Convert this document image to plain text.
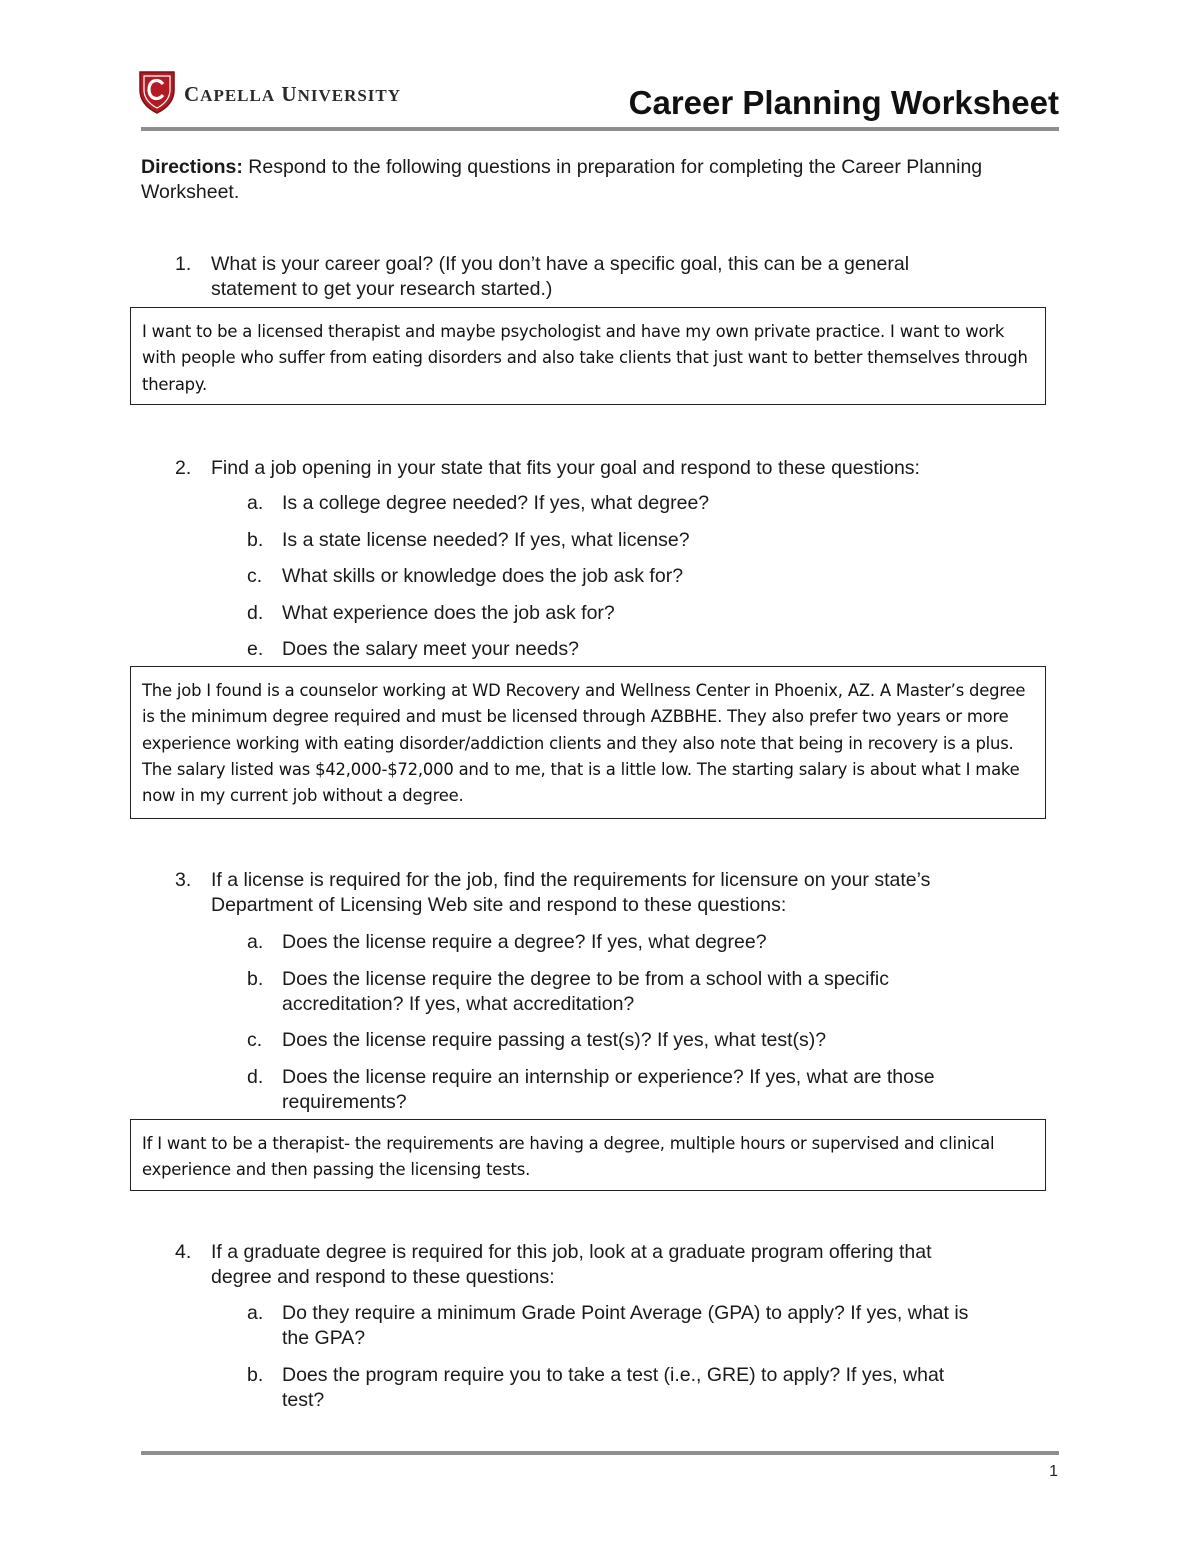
CAPELLA UNIVERSITY	Career Planning Worksheet
Directions: Respond to the following questions in preparation for completing the Career Planning Worksheet.
1.	What is your career goal? (If you don’t have a specific goal, this can be a general
statement to get your research started.)
I want to be a licensed therapist and maybe psychologist and have my own private practice. I want to work with people who suffer from eating disorders and also take clients that just want to better themselves through therapy.
2.	Find a job opening in your state that fits your goal and respond to these questions:
a. Is a college degree needed? If yes, what degree?
b. Is a state license needed? If yes, what license?
c. What skills or knowledge does the job ask for?
d. What experience does the job ask for?
e. Does the salary meet your needs?
The job I found is a counselor working at WD Recovery and Wellness Center in Phoenix, AZ. A Master’s degree is the minimum degree required and must be licensed through AZBBHE. They also prefer two years or more experience working with eating disorder/addiction clients and they also note that being in recovery is a plus. The salary listed was $42,000-$72,000 and to me, that is a little low. The starting salary is about what I make now in my current job without a degree.
3.	If a license is required for the job, find the requirements for licensure on your state’s
Department of Licensing Web site and respond to these questions:
a. Does the license require a degree? If yes, what degree?
b. Does the license require the degree to be from a school with a specific
accreditation? If yes, what accreditation?
c. Does the license require passing a test(s)? If yes, what test(s)?
d. Does the license require an internship or experience? If yes, what are those
requirements?
If I want to be a therapist- the requirements are having a degree, multiple hours or supervised and clinical experience and then passing the licensing tests.
4.	If a graduate degree is required for this job, look at a graduate program offering that
degree and respond to these questions:
a. Do they require a minimum Grade Point Average (GPA) to apply? If yes, what is
the GPA?
b. Does the program require you to take a test (i.e., GRE) to apply? If yes, what
test?
1
